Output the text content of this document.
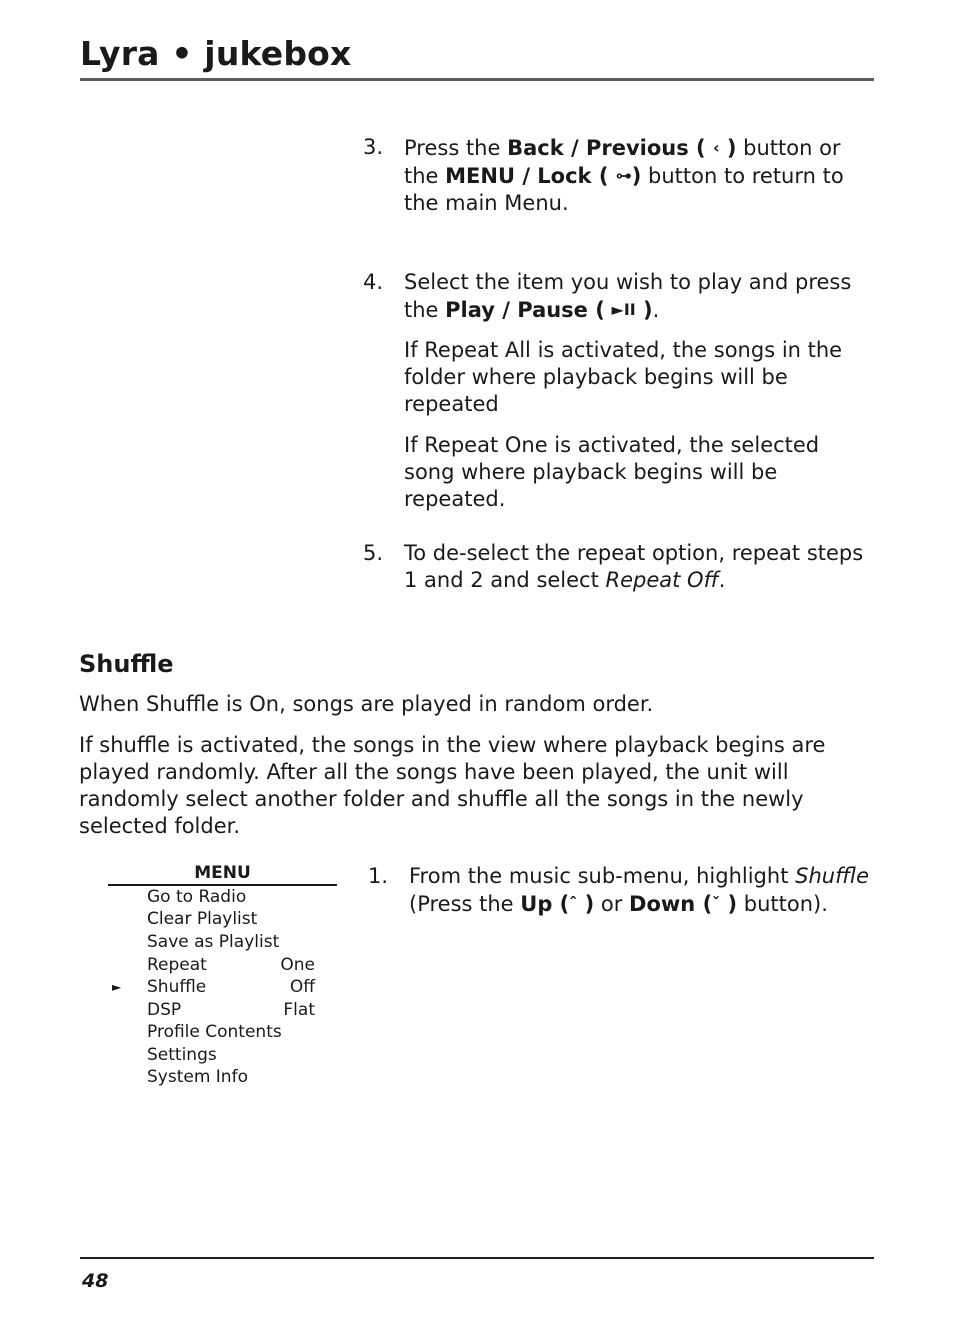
Lyra • jukebox
3. Press the Back / Previous ( ‹ ) button or the MENU / Lock ( ⊶) button to return to the main Menu.

4. Select the item you wish to play and press the Play / Pause ( ►II ).

If Repeat All is activated, the songs in the folder where playback begins will be repeated

If Repeat One is activated, the selected song where playback begins will be repeated.

5. To de-select the repeat option, repeat steps 1 and 2 and select Repeat Off.

Shuffle

When Shuffle is On, songs are played in random order.

If shuffle is activated, the songs in the view where playback begins are played randomly. After all the songs have been played, the unit will randomly select another folder and shuffle all the songs in the newly selected folder.

MENU
Go to Radio
Clear Playlist
Save as Playlist
Repeat	One
► Shuffle	Off
DSP	Flat
Profile Contents
Settings
System Info
1. From the music sub-menu, highlight Shuffle (Press the Up (ˆ ) or Down (ˇ ) button).

48
